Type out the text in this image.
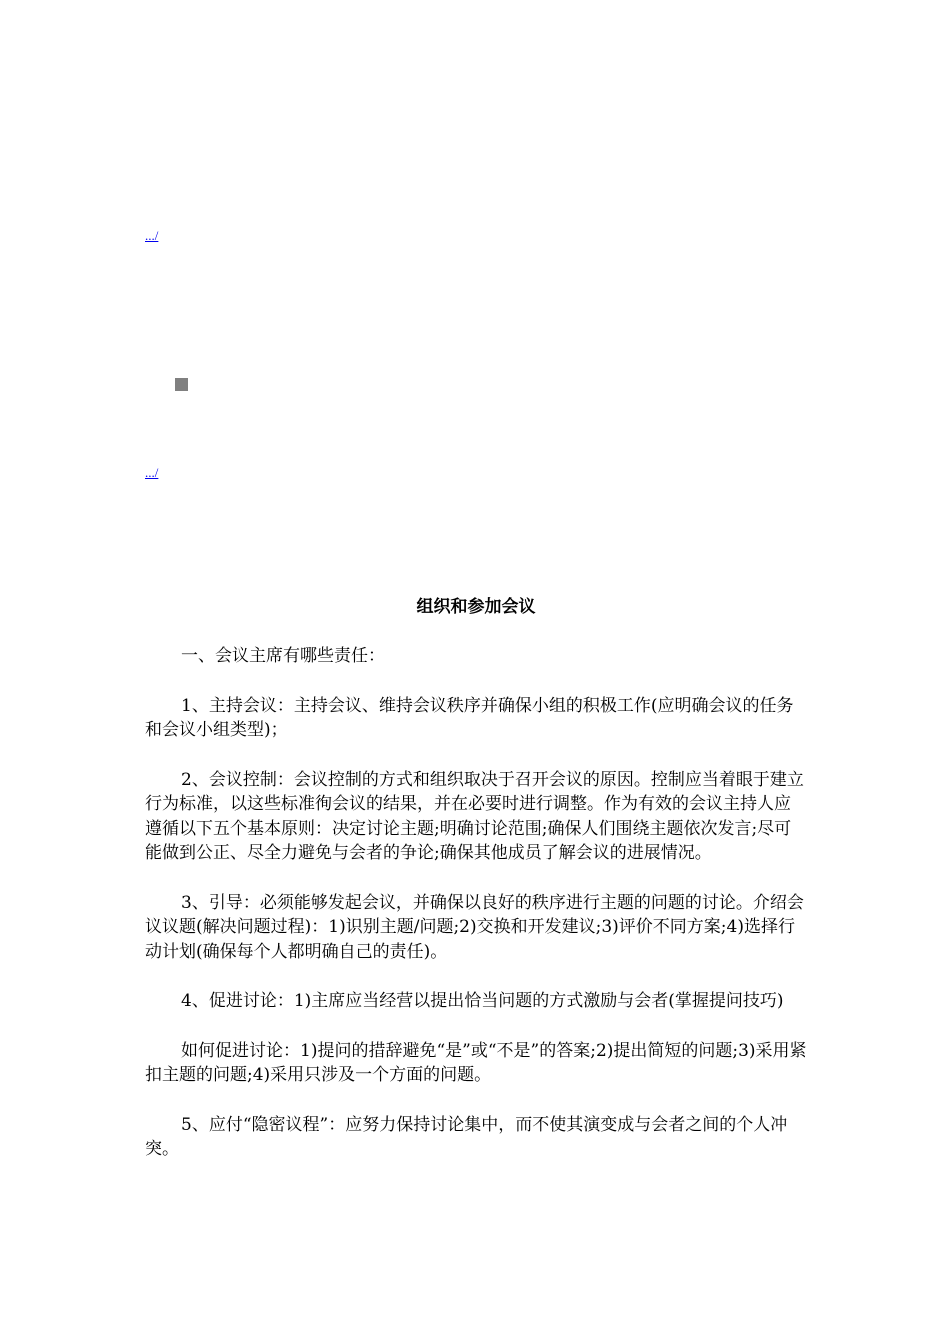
.../
.../
组织和参加会议

一、会议主席有哪些责任：

1、主持会议：主持会议、维持会议秩序并确保小组的积极工作(应明确会议的任务和会议小组类型)；

2、会议控制：会议控制的方式和组织取决于召开会议的原因。控制应当着眼于建立行为标准，以这些标准徇会议的结果，并在必要时进行调整。作为有效的会议主持人应遵循以下五个基本原则：决定讨论主题;明确讨论范围;确保人们围绕主题依次发言;尽可能做到公正、尽全力避免与会者的争论;确保其他成员了解会议的进展情况。

3、引导：必须能够发起会议，并确保以良好的秩序进行主题的问题的讨论。介绍会议议题(解决问题过程)：1)识别主题/问题;2)交换和开发建议;3)评价不同方案;4)选择行动计划(确保每个人都明确自己的责任)。

4、促进讨论：1)主席应当经营以提出恰当问题的方式激励与会者(掌握提问技巧)

如何促进讨论：1)提问的措辞避免“是”或“不是”的答案;2)提出简短的问题;3)采用紧扣主题的问题;4)采用只涉及一个方面的问题。

5、应付“隐密议程”：应努力保持讨论集中，而不使其演变成与会者之间的个人冲突。
